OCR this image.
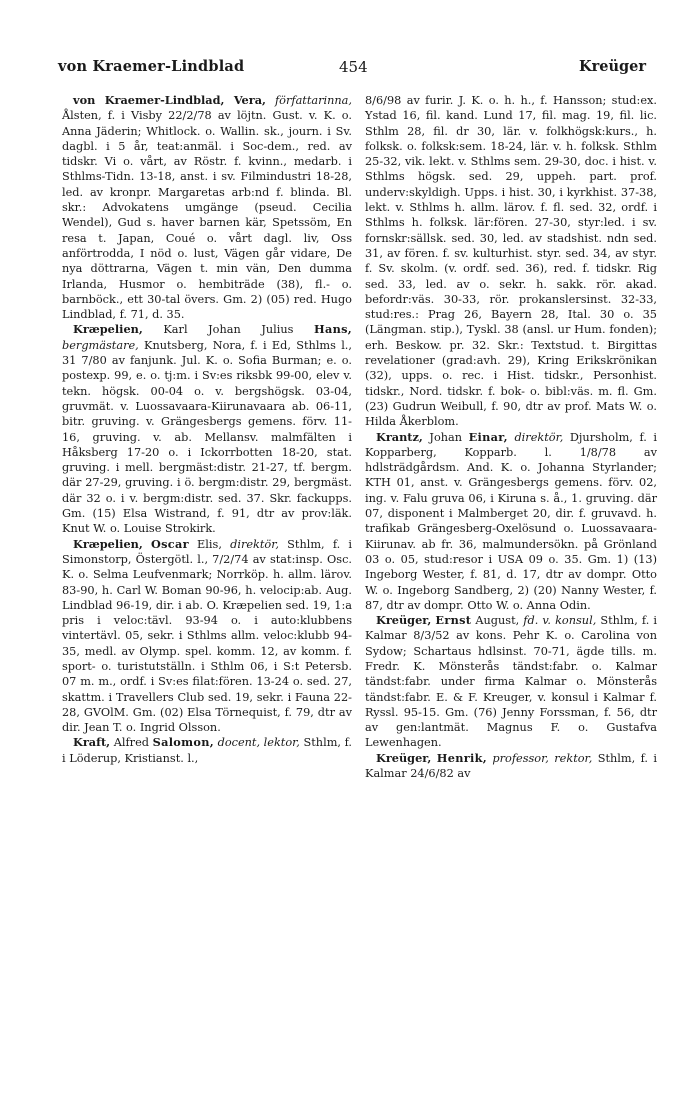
von Kraemer-Lindblad	454	Kreüger

von Kraemer-Lindblad, Vera, författarinna, Ålsten, f. i Visby 22/2/78 av löjtn. Gust. v. K. o. Anna Jäderin; Whitlock. o. Wallin. sk., journ. i Sv. dagbl. i 5 år, teat:anmäl. i Soc-dem., red. av tidskr. Vi o. vårt, av Röstr. f. kvinn., medarb. i Sthlms-Tidn. 13-18, anst. i sv. Filmindustri 18-28, led. av kronpr. Margaretas arb:nd f. blinda. Bl. skr.: Advokatens umgänge (pseud. Cecilia Wendel), Gud s. haver barnen kär, Spetssöm, En resa t. Japan, Coué o. vårt dagl. liv, Oss anförtrodda, I nöd o. lust, Vägen går vidare, De nya döttrarna, Vägen t. min vän, Den dumma Irlanda, Husmor o. hembiträde (38), fl.- o. barnböck., ett 30-tal övers. Gm. 2) (05) red. Hugo Lindblad, f. 71, d. 35.

Kræpelien, Karl Johan Julius Hans, bergmästare, Knutsberg, Nora, f. i Ed, Sthlms l., 31 7/80 av fanjunk. Jul. K. o. Sofia Burman; e. o. postexp. 99, e. o. tj:m. i Sv:es riksbk 99-00, elev v. tekn. högsk. 00-04 o. v. bergshögsk. 03-04, gruvmät. v. Luossavaara-Kiirunavaara ab. 06-11, bitr. gruving. v. Grängesbergs gemens. förv. 11-16, gruving. v. ab. Mellansv. malmfälten i Håksberg 17-20 o. i Ickorrbotten 18-20, stat. gruving. i mell. bergmäst:distr. 21-27, tf. bergm. där 27-29, gruving. i ö. bergm:distr. 29, bergmäst. där 32 o. i v. bergm:distr. sed. 37. Skr. fackupps. Gm. (15) Elsa Wistrand, f. 91, dtr av prov:läk. Knut W. o. Louise Strokirk.

Kræpelien, Oscar Elis, direktör, Sthlm, f. i Simonstorp, Östergötl. l., 7/2/74 av stat:insp. Osc. K. o. Selma Leufvenmark; Norrköp. h. allm. lärov. 83-90, h. Carl W. Boman 90-96, h. velocip:ab. Aug. Lindblad 96-19, dir. i ab. O. Kræpelien sed. 19, 1:a pris i veloc:tävl. 93-94 o. i auto:klubbens vintertävl. 05, sekr. i Sthlms allm. veloc:klubb 94-35, medl. av Olymp. spel. komm. 12, av komm. f. sport- o. turistutställn. i Sthlm 06, i S:t Petersb. 07 m. m., ordf. i Sv:es filat:fören. 13-24 o. sed. 27, skattm. i Travellers Club sed. 19, sekr. i Fauna 22-28, GVOlM. Gm. (02) Elsa Törnequist, f. 79, dtr av dir. Jean T. o. Ingrid Olsson.

Kraft, Alfred Salomon, docent, lektor, Sthlm, f. i Löderup, Kristianst. l.,

8/6/98 av furir. J. K. o. h. h., f. Hansson; stud:ex. Ystad 16, fil. kand. Lund 17, fil. mag. 19, fil. lic. Sthlm 28, fil. dr 30, lär. v. folkhögsk:kurs., h. folksk. o. folksk:sem. 18-24, lär. v. h. folksk. Sthlm 25-32, vik. lekt. v. Sthlms sem. 29-30, doc. i hist. v. Sthlms högsk. sed. 29, uppeh. part. prof. underv:skyldigh. Upps. i hist. 30, i kyrkhist. 37-38, lekt. v. Sthlms h. allm. lärov. f. fl. sed. 32, ordf. i Sthlms h. folksk. lär:fören. 27-30, styr:led. i sv. fornskr:sällsk. sed. 30, led. av stadshist. ndn sed. 31, av fören. f. sv. kulturhist. styr. sed. 34, av styr. f. Sv. skolm. (v. ordf. sed. 36), red. f. tidskr. Rig sed. 33, led. av o. sekr. h. sakk. rör. akad. befordr:väs. 30-33, rör. prokanslersinst. 32-33, stud:res.: Prag 26, Bayern 28, Ital. 30 o. 35 (Längman. stip.), Tyskl. 38 (ansl. ur Hum. fonden); erh. Beskow. pr. 32. Skr.: Textstud. t. Birgittas revelationer (grad:avh. 29), Kring Erikskrönikan (32), upps. o. rec. i Hist. tidskr., Personhist. tidskr., Nord. tidskr. f. bok- o. bibl:väs. m. fl. Gm. (23) Gudrun Weibull, f. 90, dtr av prof. Mats W. o. Hilda Åkerblom.

Krantz, Johan Einar, direktör, Djursholm, f. i Kopparberg, Kopparb. l. 1/8/78 av hdlsträdgårdsm. And. K. o. Johanna Styrlander; KTH 01, anst. v. Grängesbergs gemens. förv. 02, ing. v. Falu gruva 06, i Kiruna s. å., 1. gruving. där 07, disponent i Malmberget 20, dir. f. gruvavd. h. trafikab Grängesberg-Oxelösund o. Luossavaara-Kiirunav. ab fr. 36, malmundersökn. på Grönland 03 o. 05, stud:resor i USA 09 o. 35. Gm. 1) (13) Ingeborg Wester, f. 81, d. 17, dtr av dompr. Otto W. o. Ingeborg Sandberg, 2) (20) Nanny Wester, f. 87, dtr av dompr. Otto W. o. Anna Odin.

Kreüger, Ernst August, fd. v. konsul, Sthlm, f. i Kalmar 8/3/52 av kons. Pehr K. o. Carolina von Sydow; Schartaus hdlsinst. 70-71, ägde tills. m. Fredr. K. Mönsterås tändst:fabr. o. Kalmar tändst:fabr. under firma Kalmar o. Mönsterås tändst:fabr. E. & F. Kreuger, v. konsul i Kalmar f. Ryssl. 95-15. Gm. (76) Jenny Forssman, f. 56, dtr av gen:lantmät. Magnus F. o. Gustafva Lewenhagen.

Kreüger, Henrik, professor, rektor, Sthlm, f. i Kalmar 24/6/82 av
